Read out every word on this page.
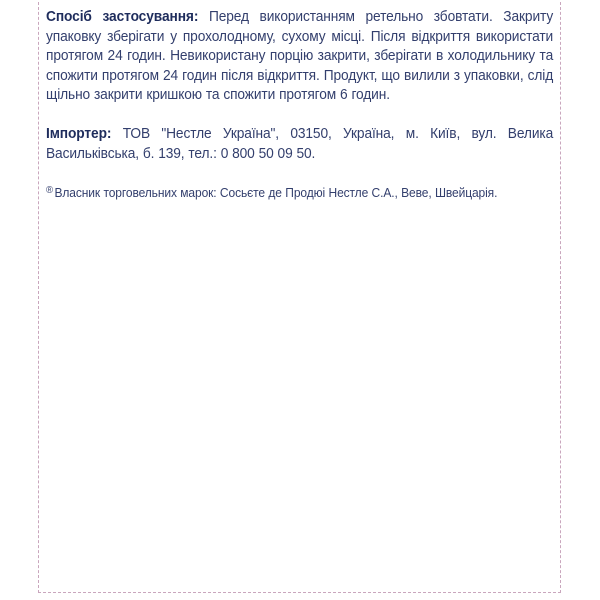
Спосіб застосування: Перед використанням ретельно збовтати. Закриту упаковку зберігати у прохолодному, сухому місці. Після відкриття використати протягом 24 годин. Невикористану порцію закрити, зберігати в холодильнику та спожити протягом 24 годин після відкриття. Продукт, що вилили з упаковки, слід щільно закрити кришкою та спожити протягом 6 годин.

Імпортер: ТОВ "Нестле Україна", 03150, Україна, м. Київ, вул. Велика Васильківська, б. 139, тел.: 0 800 50 09 50.

®Власник торговельних марок: Сосьєте де Продюі Нестле С.А., Веве, Швейцарія.
